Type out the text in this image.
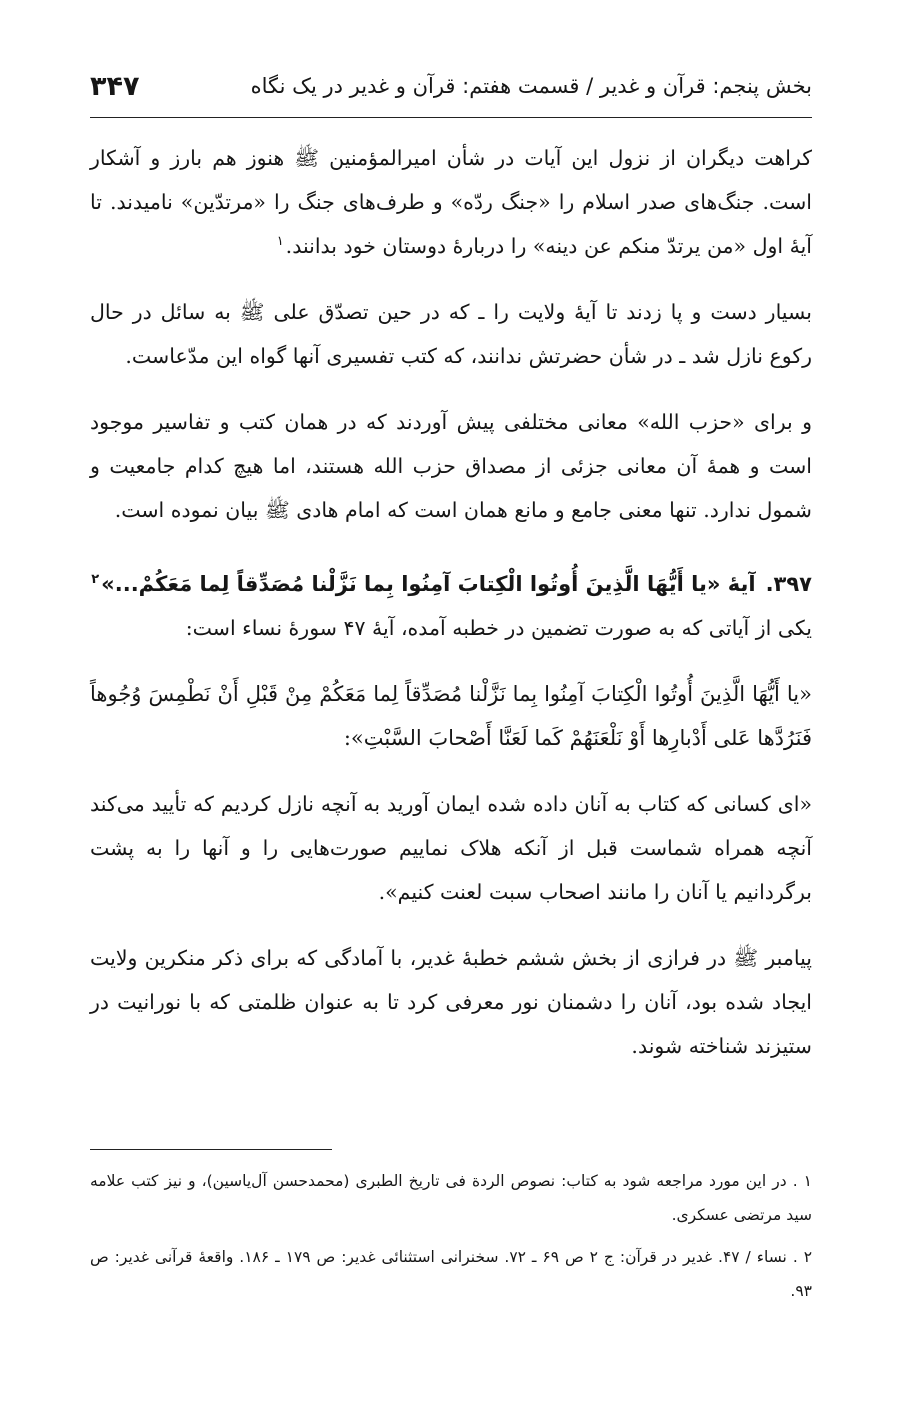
بخش پنجم: قرآن و غدیر / قسمت هفتم: قرآن و غدیر در یک نگاه
۳۴۷

کراهت دیگران از نزول این آیات در شأن امیرالمؤمنین ﷺ هنوز هم بارز و آشکار است. جنگ‌های صدر اسلام را «جنگ ردّه» و طرف‌های جنگ را «مرتدّین» نامیدند. تا آیهٔ اول «من یرتدّ منکم عن دینه» را دربارهٔ دوستان خود بدانند.$^۱$

بسیار دست و پا زدند تا آیهٔ ولایت را ـ که در حین تصدّق علی ﷺ به سائل در حال رکوع نازل شد ـ در شأن حضرتش ندانند، که کتب تفسیری آنها گواه این مدّعاست.

و برای «حزب الله» معانی مختلفی پیش آوردند که در همان کتب و تفاسیر موجود است و همهٔ آن معانی جزئی از مصداق حزب الله هستند، اما هیچ کدام جامعیت و شمول ندارد. تنها معنی جامع و مانع همان است که امام هادی ﷺ بیان نموده است.

۳۹۷.آیهٔ «یا أَیُّهَا الَّذِینَ أُوتُوا الْکِتابَ آمِنُوا بِما نَزَّلْنا مُصَدِّقاً لِما مَعَکُمْ...»$^۲$

یکی از آیاتی که به صورت تضمین در خطبه آمده، آیهٔ ۴۷ سورهٔ نساء است:

«یا أَیُّهَا الَّذِینَ أُوتُوا الْکِتابَ آمِنُوا بِما نَزَّلْنا مُصَدِّقاً لِما مَعَکُمْ مِنْ قَبْلِ أَنْ نَطْمِسَ وُجُوهاً فَنَرُدَّها عَلی أَدْبارِها أَوْ نَلْعَنَهُمْ کَما لَعَنَّا أَصْحابَ السَّبْتِ»:

«ای کسانی که کتاب به آنان داده شده ایمان آورید به آنچه نازل کردیم که تأیید می‌کند آنچه همراه شماست قبل از آنکه هلاک نماییم صورت‌هایی را و آنها را به پشت برگردانیم یا آنان را مانند اصحاب سبت لعنت کنیم».

پیامبر ﷺ در فرازی از بخش ششم خطبهٔ غدیر، با آمادگی که برای ذکر منکرین ولایت ایجاد شده بود، آنان را دشمنان نور معرفی کرد تا به عنوان ظلمتی که با نورانیت در ستیزند شناخته شوند.

۱ . در این مورد مراجعه شود به کتاب: نصوص الردة فی تاریخ الطبری (محمدحسن آل‌یاسین)، و نیز کتب علامه سید مرتضی عسکری.
۲ . نساء / ۴۷. غدیر در قرآن: ج ۲ ص ۶۹ ـ ۷۲. سخنرانی استثنائی غدیر: ص ۱۷۹ ـ ۱۸۶. واقعهٔ قرآنی غدیر: ص ۹۳.
